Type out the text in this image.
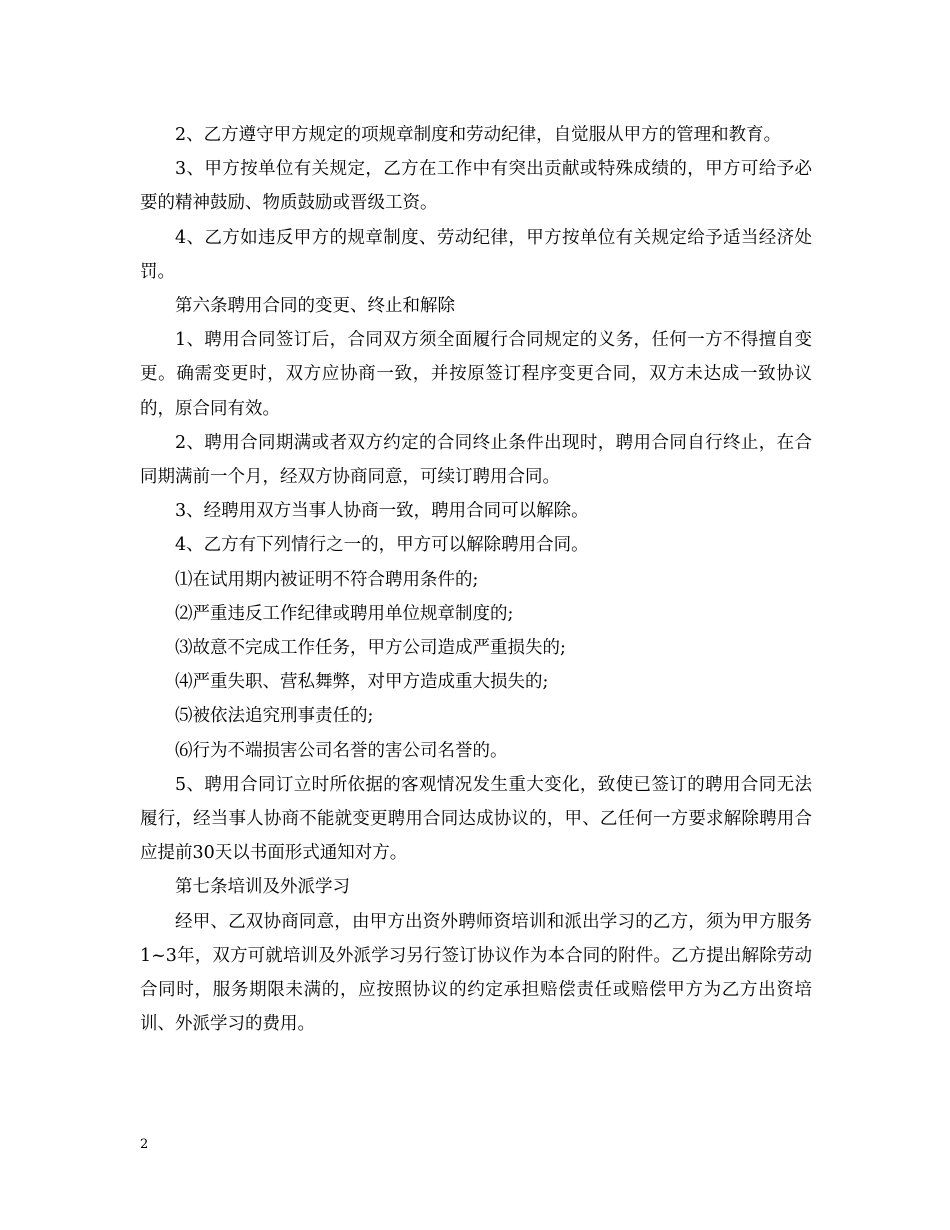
2、乙方遵守甲方规定的项规章制度和劳动纪律，自觉服从甲方的管理和教育。

3、甲方按单位有关规定，乙方在工作中有突出贡献或特殊成绩的，甲方可给予必要的精神鼓励、物质鼓励或晋级工资。

4、乙方如违反甲方的规章制度、劳动纪律，甲方按单位有关规定给予适当经济处罚。

第六条聘用合同的变更、终止和解除

1、聘用合同签订后，合同双方须全面履行合同规定的义务，任何一方不得擅自变更。确需变更时，双方应协商一致，并按原签订程序变更合同，双方未达成一致协议的，原合同有效。

2、聘用合同期满或者双方约定的合同终止条件出现时，聘用合同自行终止，在合同期满前一个月，经双方协商同意，可续订聘用合同。

3、经聘用双方当事人协商一致，聘用合同可以解除。

4、乙方有下列情行之一的，甲方可以解除聘用合同。

⑴在试用期内被证明不符合聘用条件的;

⑵严重违反工作纪律或聘用单位规章制度的;

⑶故意不完成工作任务，甲方公司造成严重损失的;

⑷严重失职、营私舞弊，对甲方造成重大损失的;

⑸被依法追究刑事责任的;

⑹行为不端损害公司名誉的害公司名誉的。

5、聘用合同订立时所依据的客观情况发生重大变化，致使已签订的聘用合同无法履行，经当事人协商不能就变更聘用合同达成协议的，甲、乙任何一方要求解除聘用合应提前30天以书面形式通知对方。

第七条培训及外派学习

经甲、乙双协商同意，由甲方出资外聘师资培训和派出学习的乙方，须为甲方服务1~3年，双方可就培训及外派学习另行签订协议作为本合同的附件。乙方提出解除劳动合同时，服务期限未满的，应按照协议的约定承担赔偿责任或赔偿甲方为乙方出资培训、外派学习的费用。

2
